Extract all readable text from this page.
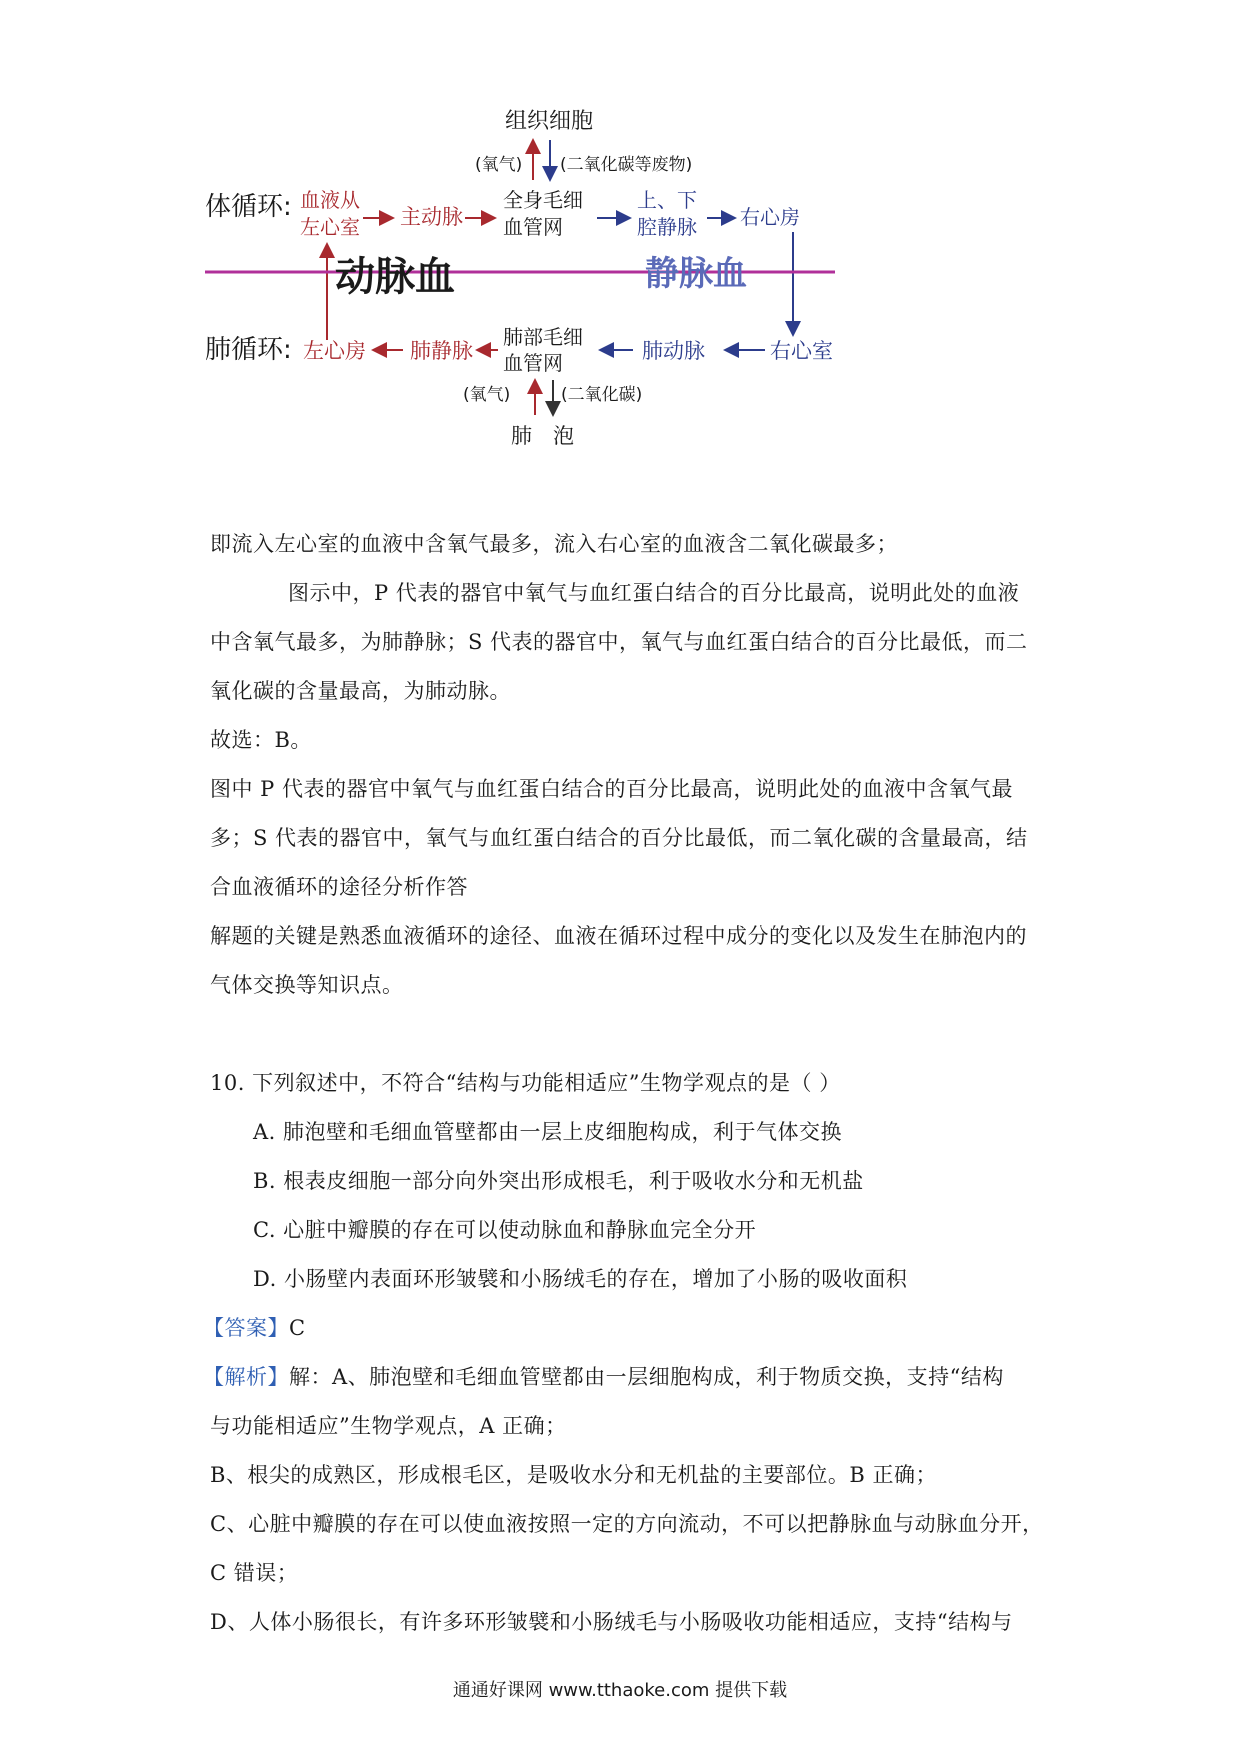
组织细胞
(氧气) (二氧化碳等废物)
体循环: 血液从
左心室 主动脉
全身毛细
血管网
上、下
腔静脉 右心房
动脉血	静脉血
肺循环: 左心房 肺静脉
肺部毛细
血管网	肺动脉	右心室
(氧气)	(二氧化碳)
肺 泡
即流入左心室的血液中含氧气最多，流入右心室的血液含二氧化碳最多；
图示中，P 代表的器官中氧气与血红蛋白结合的百分比最高，说明此处的血液
中含氧气最多，为肺静脉；S 代表的器官中，氧气与血红蛋白结合的百分比最低，而二
氧化碳的含量最高，为肺动脉。
故选：B。
图中 P 代表的器官中氧气与血红蛋白结合的百分比最高，说明此处的血液中含氧气最
多；S 代表的器官中，氧气与血红蛋白结合的百分比最低，而二氧化碳的含量最高，结
合血液循环的途径分析作答
解题的关键是熟悉血液循环的途径、血液在循环过程中成分的变化以及发生在肺泡内的
气体交换等知识点。
10. 下列叙述中，不符合“结构与功能相适应”生物学观点的是（ ）
A. 肺泡壁和毛细血管壁都由一层上皮细胞构成，利于气体交换
B. 根表皮细胞一部分向外突出形成根毛，利于吸收水分和无机盐
C. 心脏中瓣膜的存在可以使动脉血和静脉血完全分开
D. 小肠壁内表面环形皱襞和小肠绒毛的存在，增加了小肠的吸收面积
【答案】C
【解析】解：A、肺泡壁和毛细血管壁都由一层细胞构成，利于物质交换，支持“结构
与功能相适应”生物学观点，A 正确；
B、根尖的成熟区，形成根毛区，是吸收水分和无机盐的主要部位。B 正确；
C、心脏中瓣膜的存在可以使血液按照一定的方向流动，不可以把静脉血与动脉血分开，
C 错误；
D、人体小肠很长，有许多环形皱襞和小肠绒毛与小肠吸收功能相适应，支持“结构与
通通好课网 www.tthaoke.com 提供下载
